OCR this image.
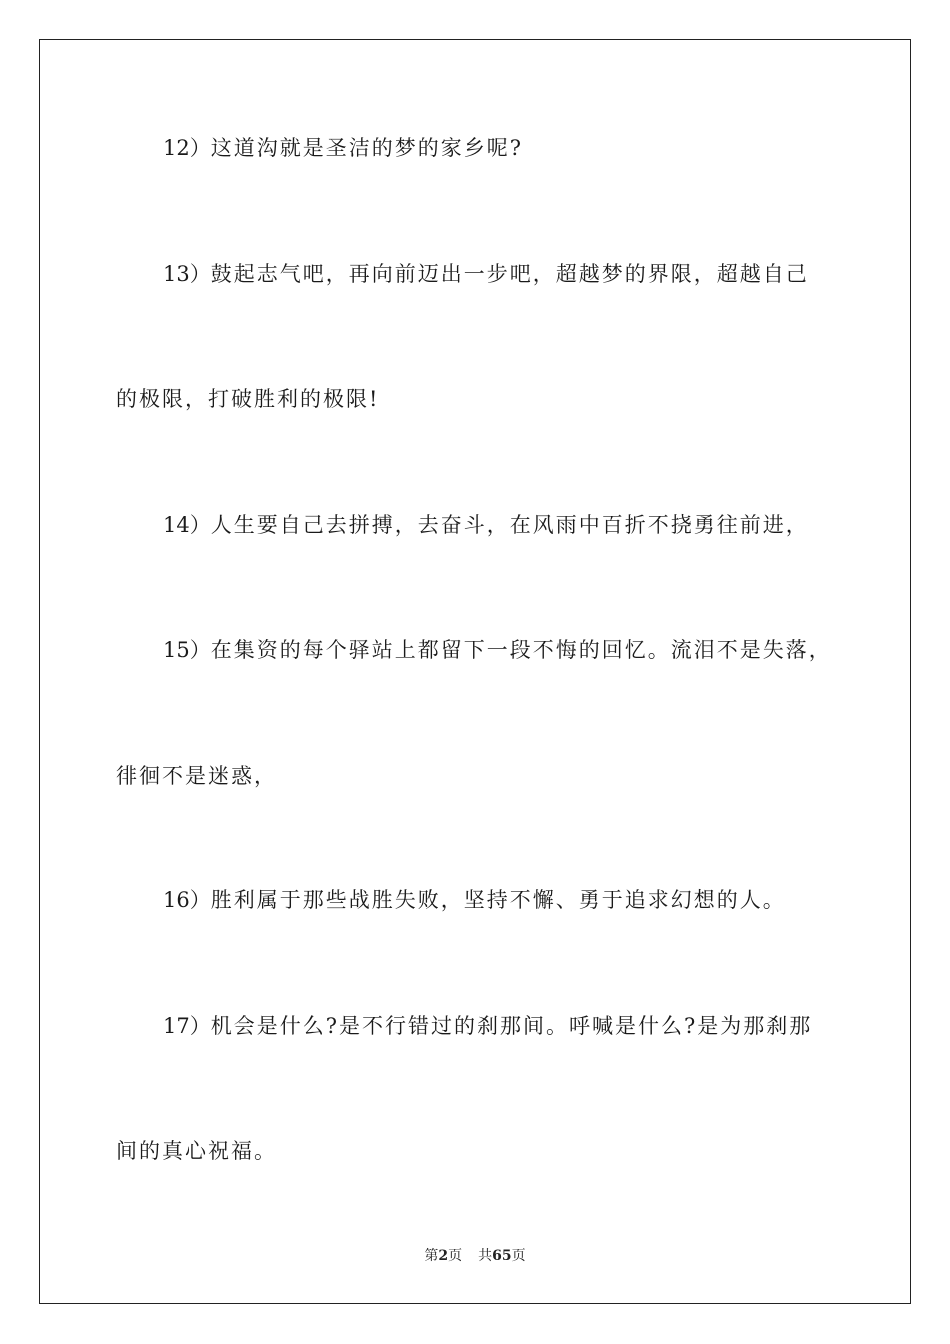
12）这道沟就是圣洁的梦的家乡呢?
13）鼓起志气吧，再向前迈出一步吧，超越梦的界限，超越自己
的极限，打破胜利的极限!
14）人生要自己去拼搏，去奋斗，在风雨中百折不挠勇往前进，
15）在集资的每个驿站上都留下一段不悔的回忆。流泪不是失落，
徘徊不是迷惑，
16）胜利属于那些战胜失败，坚持不懈、勇于追求幻想的人。
17）机会是什么?是不行错过的刹那间。呼喊是什么?是为那刹那
间的真心祝福。
第2页 共65页
